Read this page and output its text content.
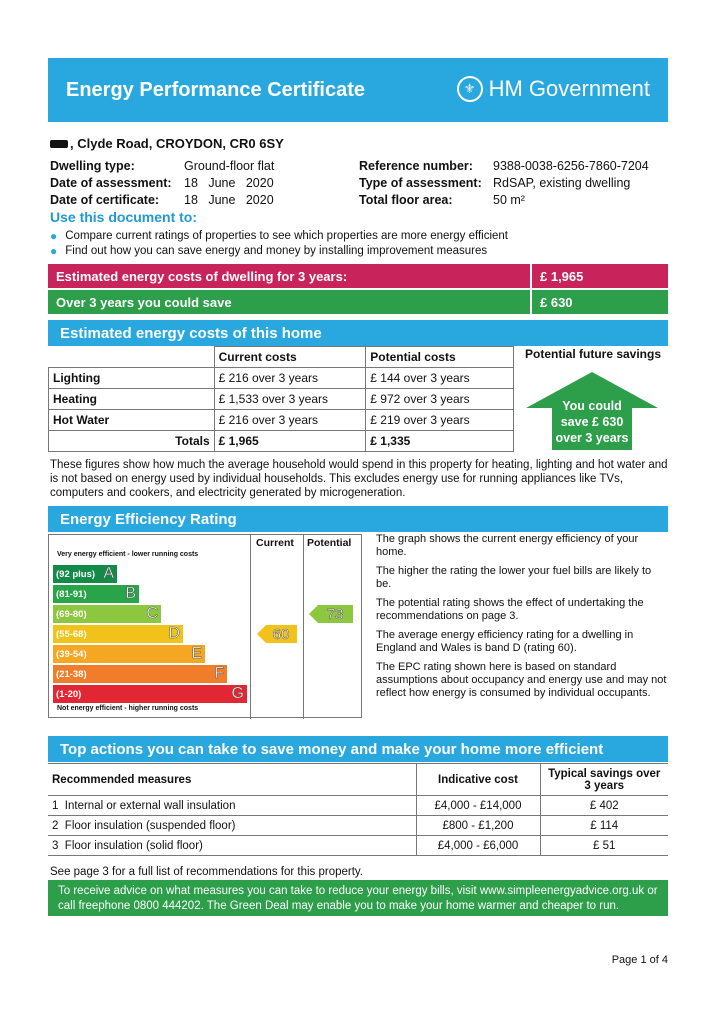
Energy Performance Certificate	⚜ HM Government
, Clyde Road, CROYDON, CR0 6SY
Dwelling type:	Ground-floor flat
Date of assessment: 18   June   2020
Date of certificate: 18   June   2020
Reference number: 9388-0038-6256-7860-7204
Type of assessment: RdSAP, existing dwelling
Total floor area:	50 m²
Use this document to:
● Compare current ratings of properties to see which properties are more energy efficient
● Find out how you can save energy and money by installing improvement measures
Estimated energy costs of dwelling for 3 years:	£ 1,965
Over 3 years you could save	£ 630
Estimated energy costs of this home
	Current costs	Potential costs
Lighting	£ 216 over 3 years	£ 144 over 3 years
Heating	£ 1,533 over 3 years	£ 972 over 3 years
Hot Water	£ 216 over 3 years	£ 219 over 3 years
Totals	£ 1,965	£ 1,335
Potential future savings
You could
save £ 630
over 3 years
These figures show how much the average household would spend in this property for heating, lighting and hot water and is not based on energy used by individual households. This excludes energy use for running appliances like TVs, computers and cookers, and electricity generated by microgeneration.
Energy Efficiency Rating
Very energy efficient - lower running costs
Current Potential
(92 plus) A
(81-91) B
(69-80)	C
(55-68)	D
(39-54)	E
(21-38)	F
(1-20)	G
Not energy efficient - higher running costs
60
73

The graph shows the current energy efficiency of your home.

The higher the rating the lower your fuel bills are likely to be.

The potential rating shows the effect of undertaking the recommendations on page 3.

The average energy efficiency rating for a dwelling in England and Wales is band D (rating 60).

The EPC rating shown here is based on standard assumptions about occupancy and energy use and may not reflect how energy is consumed by individual occupants.

Top actions you can take to save money and make your home more efficient
Recommended measures	Indicative cost	Typical savings over 3 years
1 Internal or external wall insulation	£4,000 - £14,000	£ 402
2 Floor insulation (suspended floor)	£800 - £1,200	£ 114
3 Floor insulation (solid floor)	£4,000 - £6,000	£ 51
See page 3 for a full list of recommendations for this property.
To receive advice on what measures you can take to reduce your energy bills, visit www.simpleenergyadvice.org.uk or call freephone 0800 444202. The Green Deal may enable you to make your home warmer and cheaper to run.
Page 1 of 4
